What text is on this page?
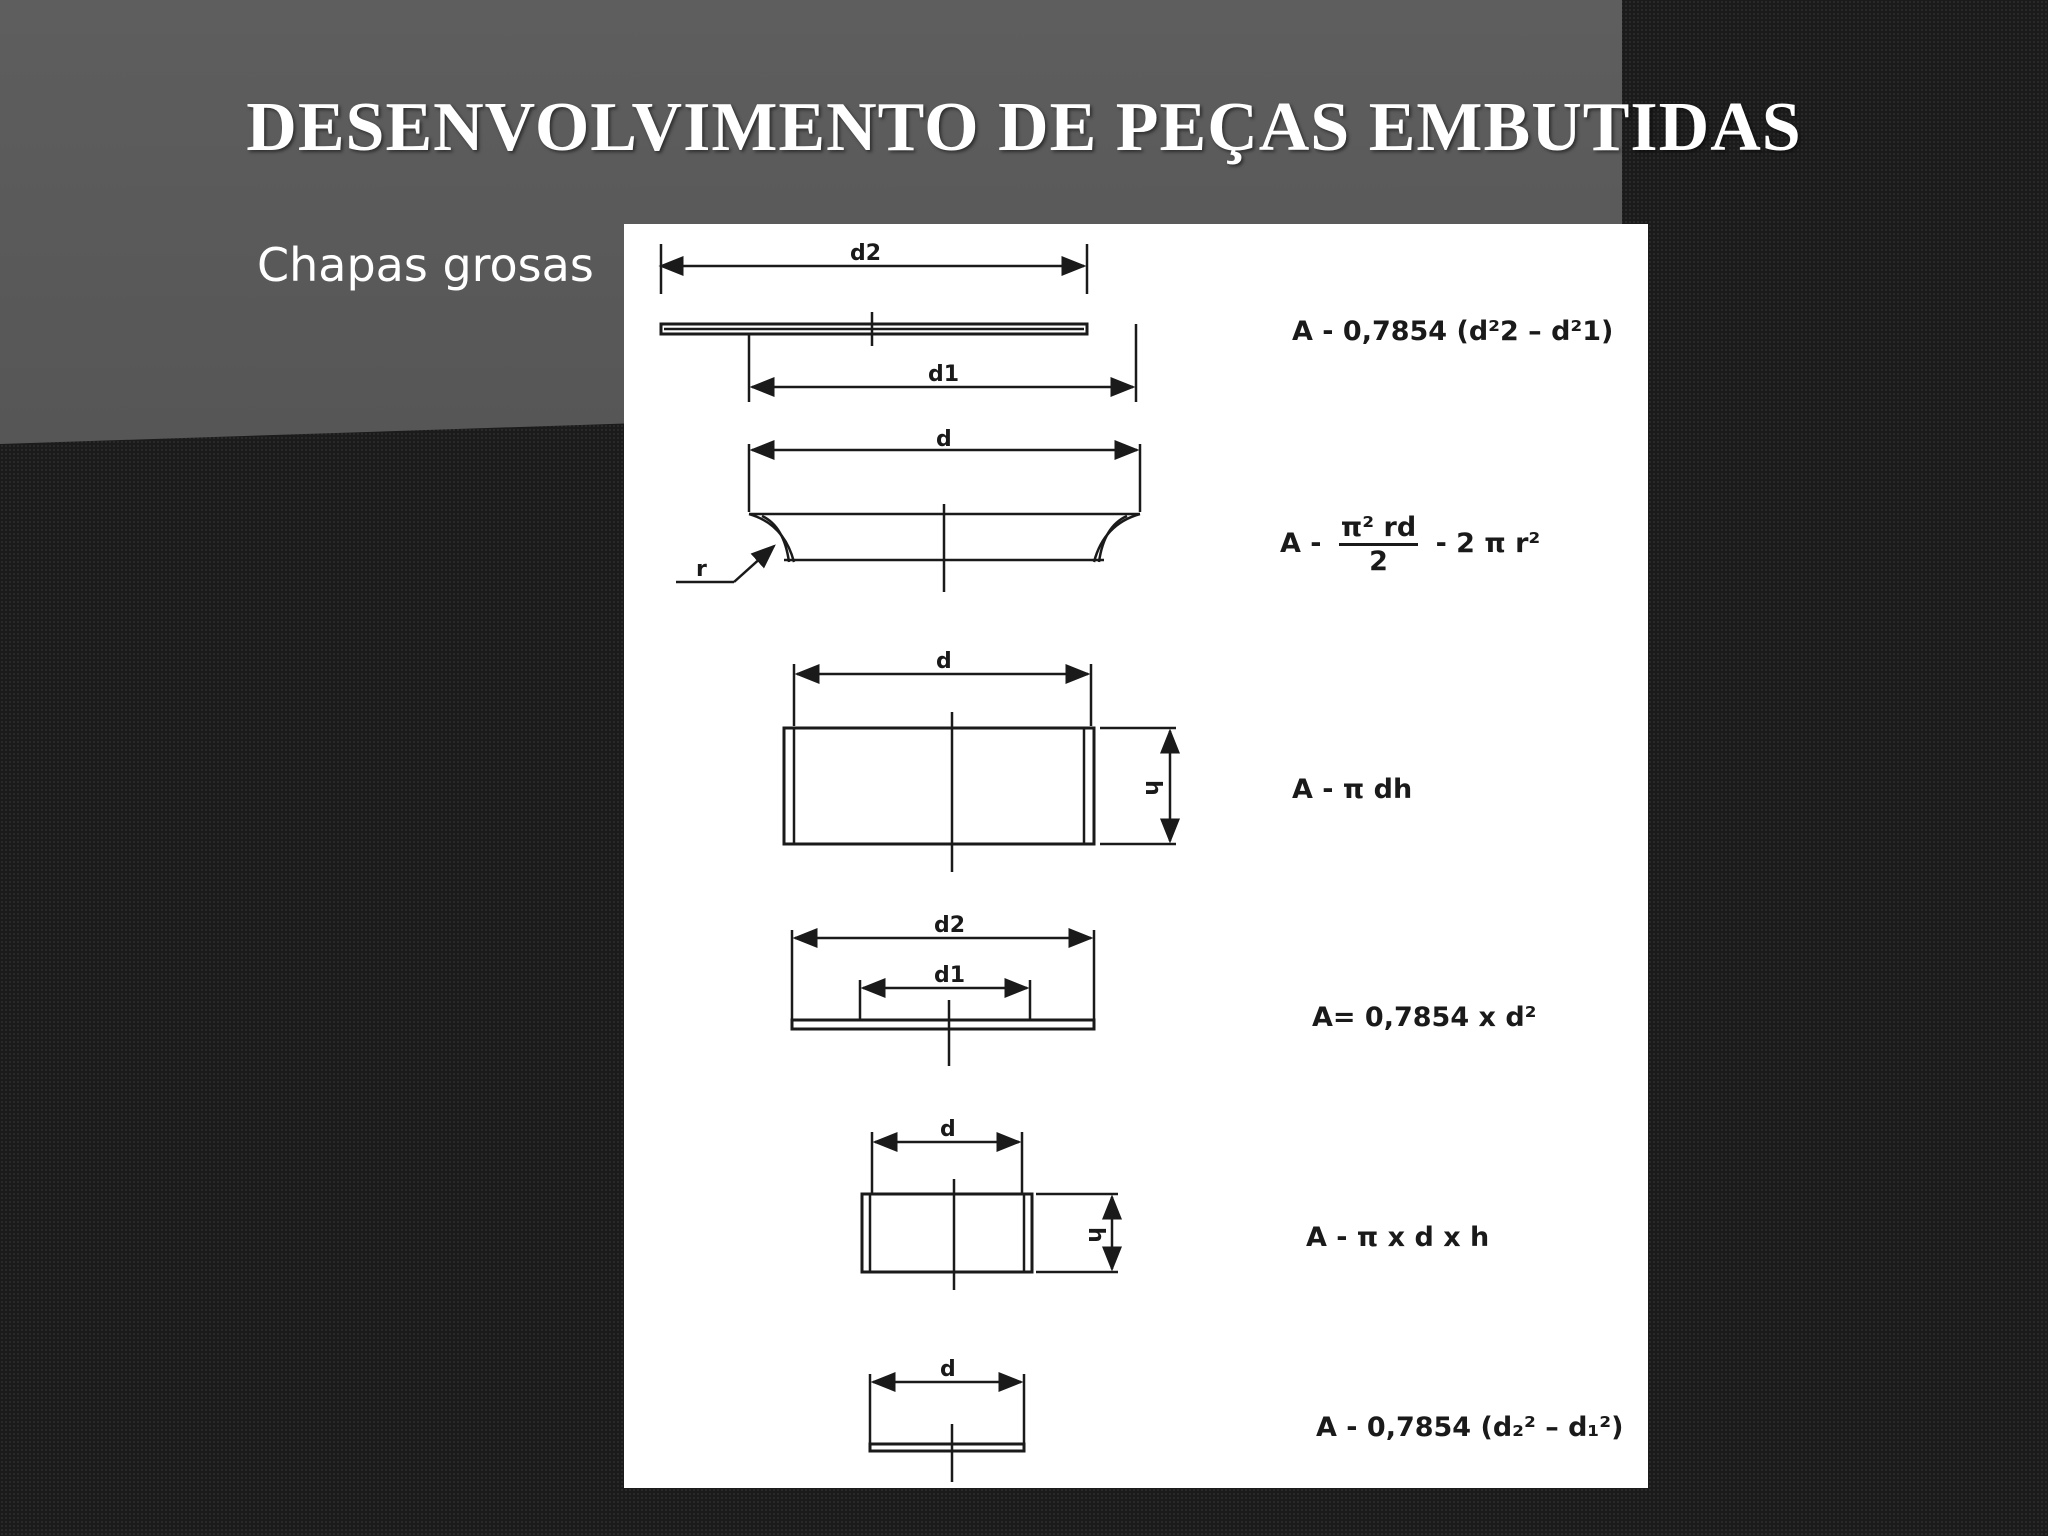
DESENVOLVIMENTO DE PEÇAS EMBUTIDAS
Chapas grosas	d2
d1
d
r
d
h
d2
d1
d
h
d
A - 0,7854 (d²2 – d²1)
A - $\frac{\text{π² rd}}{2} - 2$ π r²
A - π dh
A= 0,7854 x d²
A - π x d x h
A - 0,7854 (d₂² – d₁²)
